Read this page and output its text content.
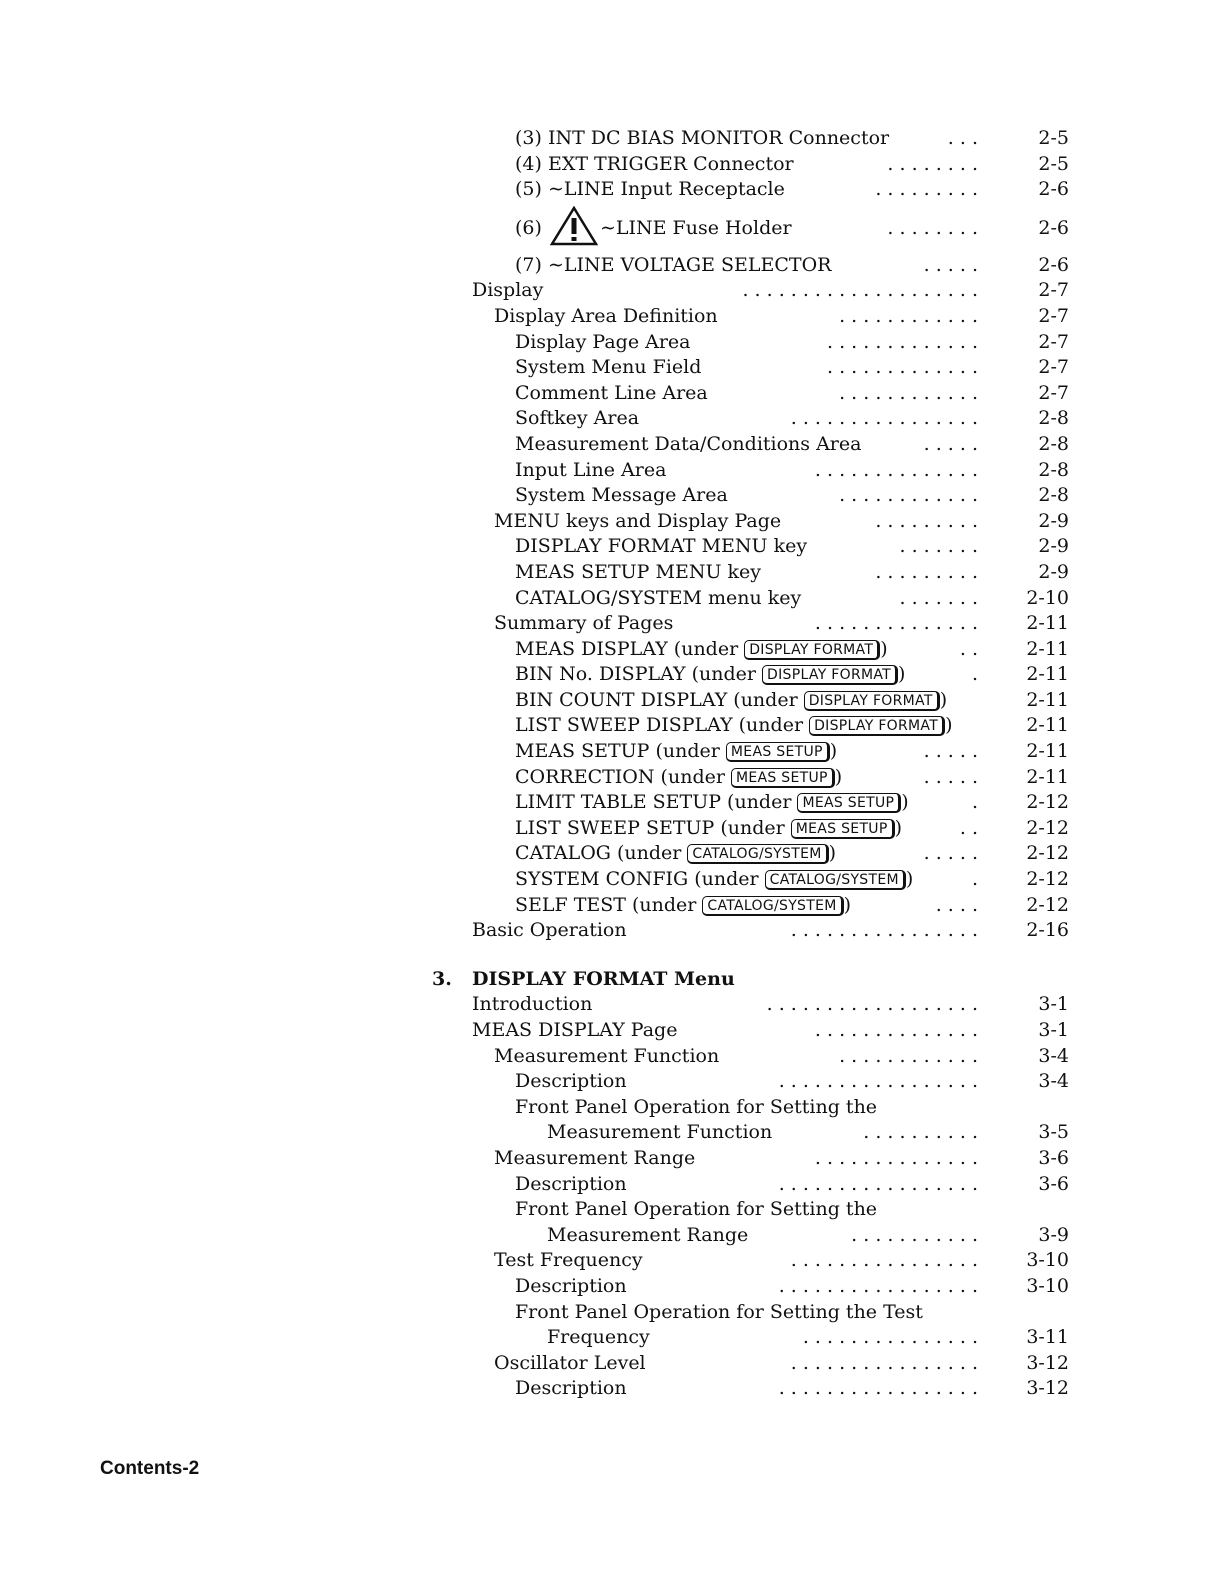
(3) INT DC BIAS MONITOR Connector	. . .	2-5
(4) EXT TRIGGER Connector	. . . . . . . .	2-5
(5) ∼LINE Input Receptacle	. . . . . . . . .	2-6
(6)	∼LINE Fuse Holder	. . . . . . . .	2-6
(7) ∼LINE VOLTAGE SELECTOR	. . . . .	2-6
Display	. . . . . . . . . . . . . . . . . . . .	2-7
Display Area Definition	. . . . . . . . . . . .	2-7
Display Page Area	. . . . . . . . . . . . .	2-7
System Menu Field	. . . . . . . . . . . . .	2-7
Comment Line Area	. . . . . . . . . . . .	2-7
Softkey Area	. . . . . . . . . . . . . . . .	2-8
Measurement Data/Conditions Area	. . . . .	2-8
Input Line Area	. . . . . . . . . . . . . .	2-8
System Message Area	. . . . . . . . . . . .	2-8
MENU keys and Display Page	. . . . . . . . .	2-9
DISPLAY FORMAT MENU key	. . . . . . .	2-9
MEAS SETUP MENU key	. . . . . . . . .	2-9
CATALOG/SYSTEM menu key	. . . . . . .	2-10
Summary of Pages	. . . . . . . . . . . . . .	2-11
MEAS DISPLAY (under DISPLAY FORMAT )	. .	2-11
BIN No. DISPLAY (under DISPLAY FORMAT )	.	2-11
BIN COUNT DISPLAY (under DISPLAY FORMAT )	2-11
LIST SWEEP DISPLAY (under DISPLAY FORMAT )	2-11
MEAS SETUP (under MEAS SETUP )	. . . . .	2-11
CORRECTION (under MEAS SETUP )	. . . . .	2-11
LIMIT TABLE SETUP (under MEAS SETUP )	.	2-12
LIST SWEEP SETUP (under MEAS SETUP )	. .	2-12
CATALOG (under CATALOG/SYSTEM )	. . . . .	2-12
SYSTEM CONFIG (under CATALOG/SYSTEM )	.	2-12
SELF TEST (under CATALOG/SYSTEM )	. . . .	2-12
Basic Operation	. . . . . . . . . . . . . . . .	2-16
3. DISPLAY FORMAT Menu
Introduction	. . . . . . . . . . . . . . . . . .	3-1
MEAS DISPLAY Page	. . . . . . . . . . . . . .	3-1
Measurement Function	. . . . . . . . . . . .	3-4
Description	. . . . . . . . . . . . . . . . .	3-4
Front Panel Operation for Setting the
Measurement Function	. . . . . . . . . .	3-5
Measurement Range	. . . . . . . . . . . . . .	3-6
Description	. . . . . . . . . . . . . . . . .	3-6
Front Panel Operation for Setting the
Measurement Range	. . . . . . . . . . .	3-9
Test Frequency	. . . . . . . . . . . . . . . .	3-10
Description	. . . . . . . . . . . . . . . . .	3-10
Front Panel Operation for Setting the Test
Frequency	. . . . . . . . . . . . . . .	3-11
Oscillator Level	. . . . . . . . . . . . . . . .	3-12
Description	. . . . . . . . . . . . . . . . .	3-12
Contents-2
